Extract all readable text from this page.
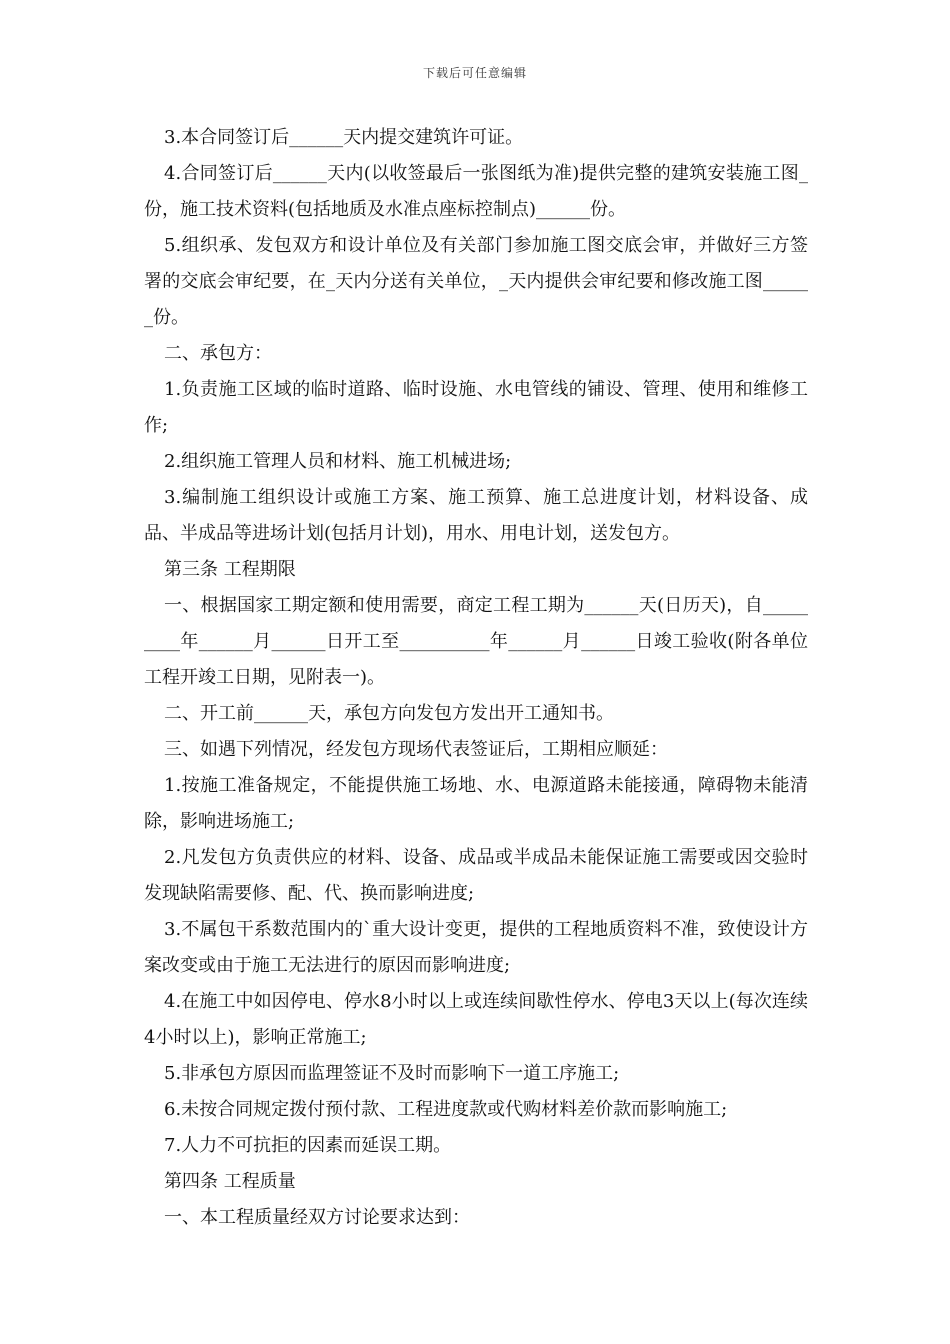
下载后可任意编辑

3.本合同签订后______天内提交建筑许可证。

4.合同签订后______天内(以收签最后一张图纸为准)提供完整的建筑安装施工图_份，施工技术资料(包括地质及水准点座标控制点)______份。

5.组织承、发包双方和设计单位及有关部门参加施工图交底会审，并做好三方签署的交底会审纪要，在_天内分送有关单位，_天内提供会审纪要和修改施工图______份。

二、承包方：

1.负责施工区域的临时道路、临时设施、水电管线的铺设、管理、使用和维修工作;

2.组织施工管理人员和材料、施工机械进场;

3.编制施工组织设计或施工方案、施工预算、施工总进度计划，材料设备、成品、半成品等进场计划(包括月计划)，用水、用电计划，送发包方。

第三条 工程期限

一、根据国家工期定额和使用需要，商定工程工期为______天(日历天)，自_________年______月______日开工至__________年______月______日竣工验收(附各单位工程开竣工日期，见附表一)。

二、开工前______天，承包方向发包方发出开工通知书。

三、如遇下列情况，经发包方现场代表签证后，工期相应顺延：

1.按施工准备规定，不能提供施工场地、水、电源道路未能接通，障碍物未能清除，影响进场施工;

2.凡发包方负责供应的材料、设备、成品或半成品未能保证施工需要或因交验时发现缺陷需要修、配、代、换而影响进度;

3.不属包干系数范围内的`重大设计变更，提供的工程地质资料不准，致使设计方案改变或由于施工无法进行的原因而影响进度;

4.在施工中如因停电、停水8小时以上或连续间歇性停水、停电3天以上(每次连续4小时以上)，影响正常施工;

5.非承包方原因而监理签证不及时而影响下一道工序施工;

6.未按合同规定拨付预付款、工程进度款或代购材料差价款而影响施工;

7.人力不可抗拒的因素而延误工期。

第四条 工程质量

一、本工程质量经双方讨论要求达到：
